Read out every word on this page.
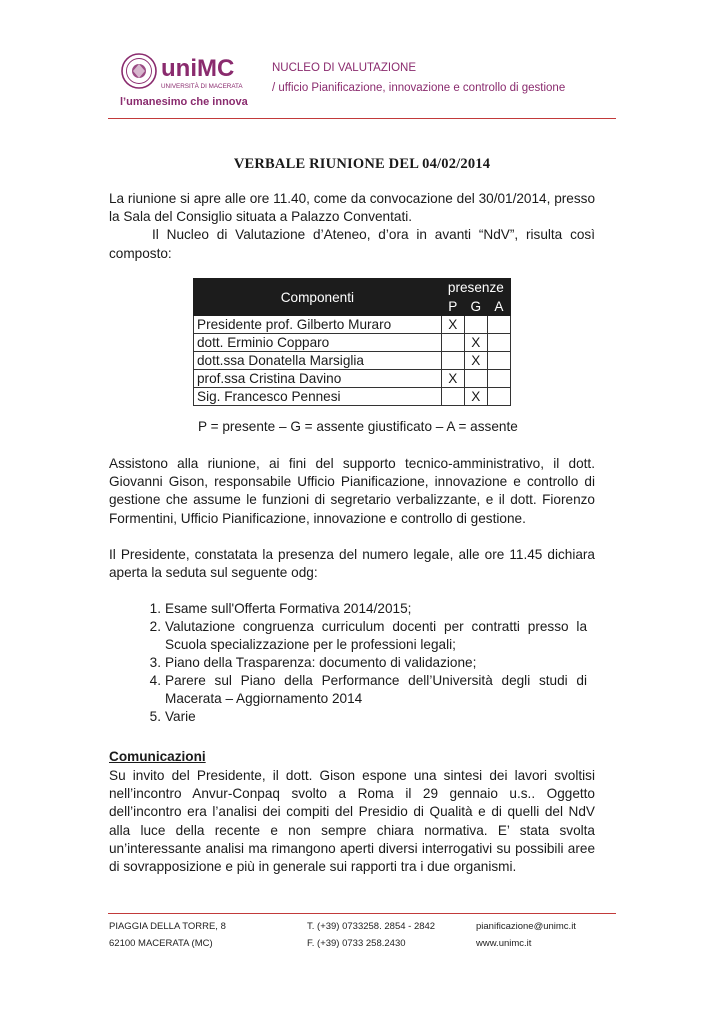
uniMC
UNIVERSITÀ DI MACERATA
l’umanesimo che innova
NUCLEO DI VALUTAZIONE
/ ufficio Pianificazione, innovazione e controllo di gestione
VERBALE RIUNIONE DEL 04/02/2014

La riunione si apre alle ore 11.40, come da convocazione del 30/01/2014, presso la Sala del Consiglio situata a Palazzo Conventati.

Il Nucleo di Valutazione d’Ateneo, d’ora in avanti “NdV”, risulta così composto:

Componenti	presenze		
	P	G	A
Presidente prof. Gilberto Muraro	X		
dott. Erminio Copparo		X	
dott.ssa Donatella Marsiglia		X	
prof.ssa Cristina Davino	X		
Sig. Francesco Pennesi		X	
P = presente – G = assente giustificato – A = assente
Assistono alla riunione, ai fini del supporto tecnico-amministrativo, il dott. Giovanni Gison, responsabile Ufficio Pianificazione, innovazione e controllo di gestione che assume le funzioni di segretario verbalizzante, e il dott. Fiorenzo Formentini, Ufficio Pianificazione, innovazione e controllo di gestione.
Il Presidente, constatata la presenza del numero legale, alle ore 11.45 dichiara aperta la seduta sul seguente odg:
1. Esame sull'Offerta Formativa 2014/2015;
2. Valutazione congruenza curriculum docenti per contratti presso la Scuola specializzazione per le professioni legali;
3. Piano della Trasparenza: documento di validazione;
4. Parere sul Piano della Performance dell’Università degli studi di Macerata – Aggiornamento 2014
5. Varie
Comunicazioni
Su invito del Presidente, il dott. Gison espone una sintesi dei lavori svoltisi nell’incontro Anvur-Conpaq svolto a Roma il 29 gennaio u.s.. Oggetto dell’incontro era l’analisi dei compiti del Presidio di Qualità e di quelli del NdV alla luce della recente e non sempre chiara normativa. E’ stata svolta un’interessante analisi ma rimangono aperti diversi interrogativi su possibili aree di sovrapposizione e più in generale sui rapporti tra i due organismi.
PIAGGIA DELLA TORRE, 8
62100 MACERATA (MC)
T. (+39) 0733258. 2854 - 2842
F. (+39) 0733 258.2430
pianificazione@unimc.it
www.unimc.it
